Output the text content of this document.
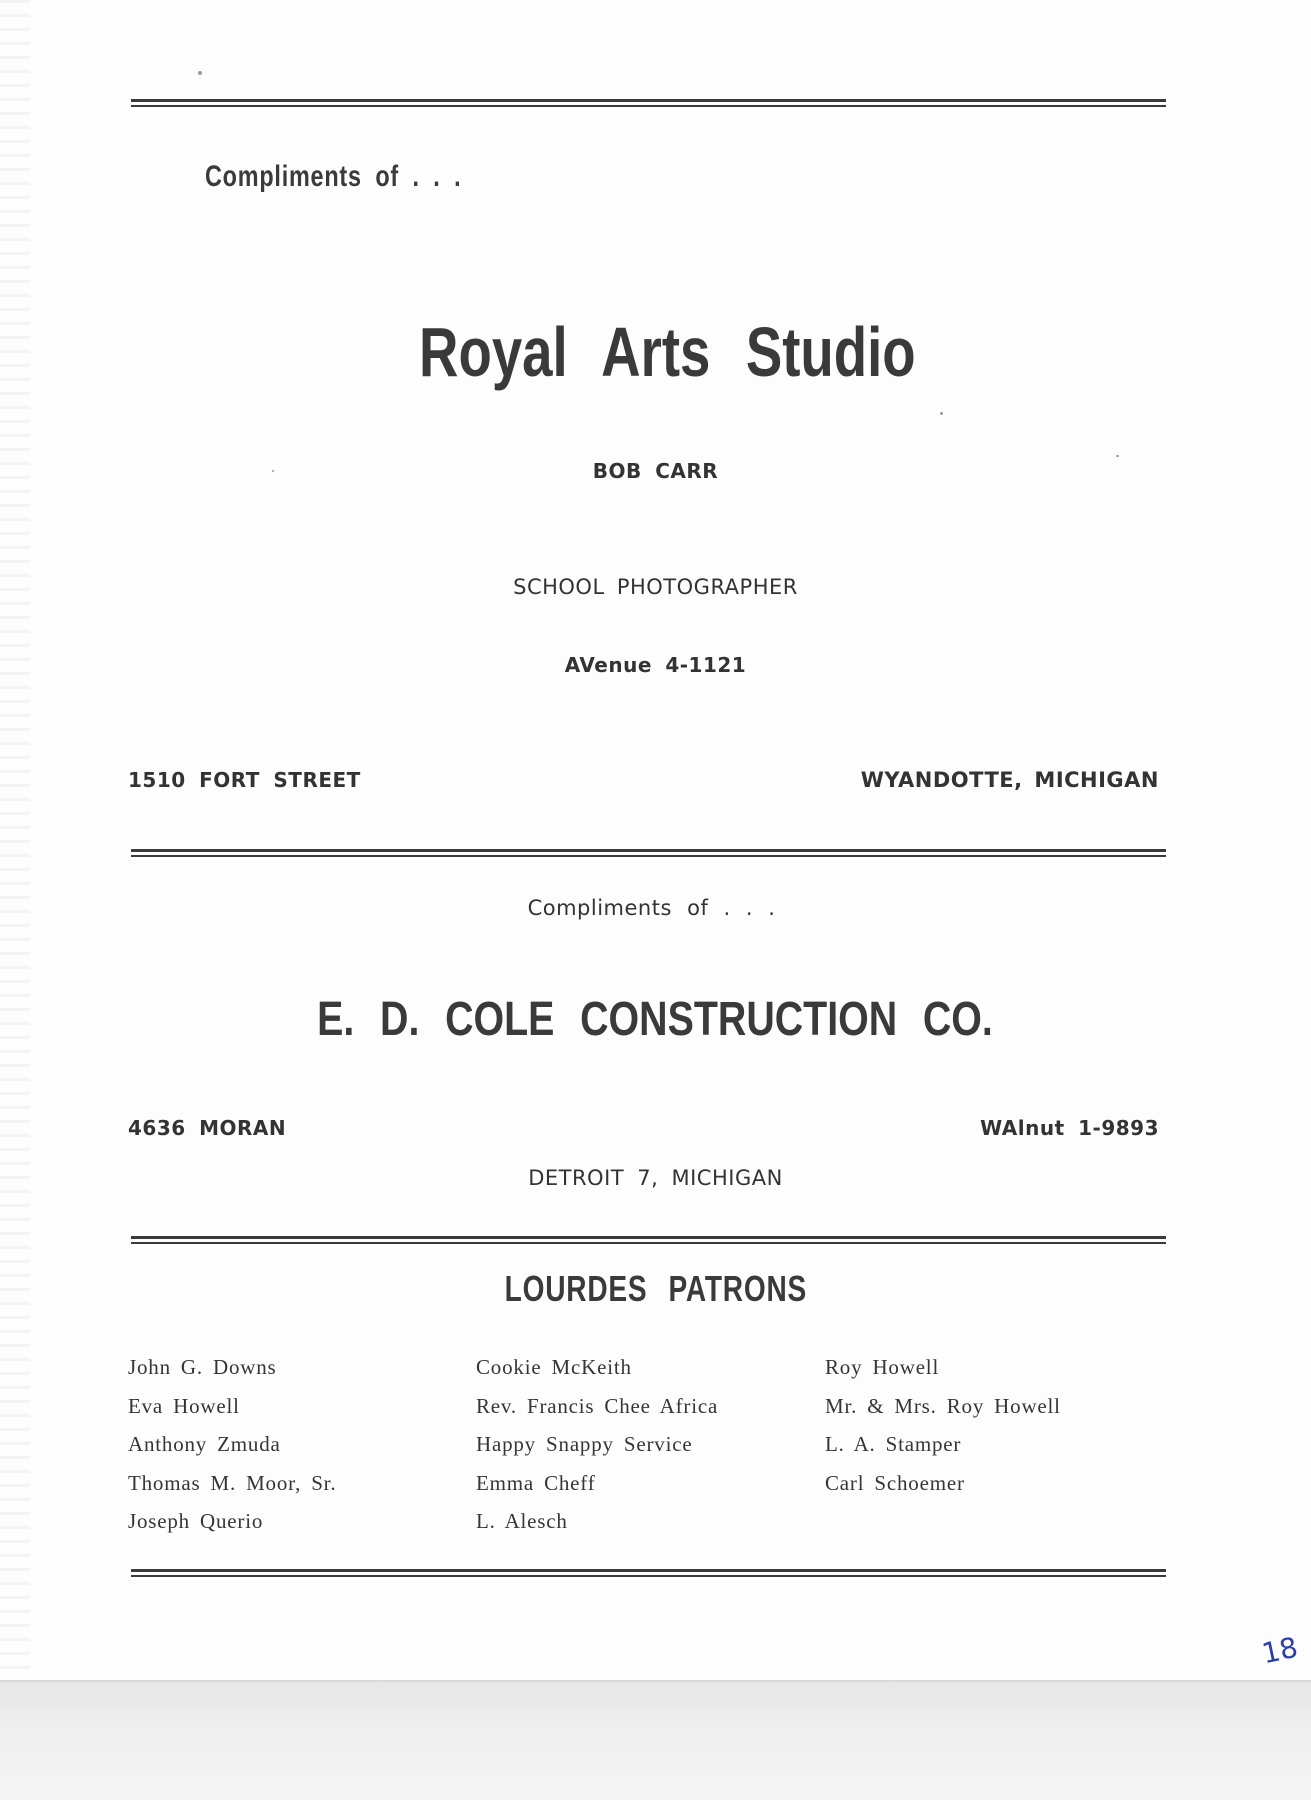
Compliments of . . .
Royal Arts Studio
BOB CARR
SCHOOL PHOTOGRAPHER
AVenue 4-1121
1510 FORT STREET	WYANDOTTE, MICHIGAN
Compliments of . . .
E. D. COLE CONSTRUCTION CO.
4636 MORAN	WAlnut 1-9893
DETROIT 7, MICHIGAN
LOURDES PATRONS
John G. Downs
Eva Howell
Anthony Zmuda
Thomas M. Moor, Sr.
Joseph Querio
Cookie McKeith
Rev. Francis Chee Africa
Happy Snappy Service
Emma Cheff
L. Alesch
Roy Howell
Mr. & Mrs. Roy Howell
L. A. Stamper
Carl Schoemer
18
